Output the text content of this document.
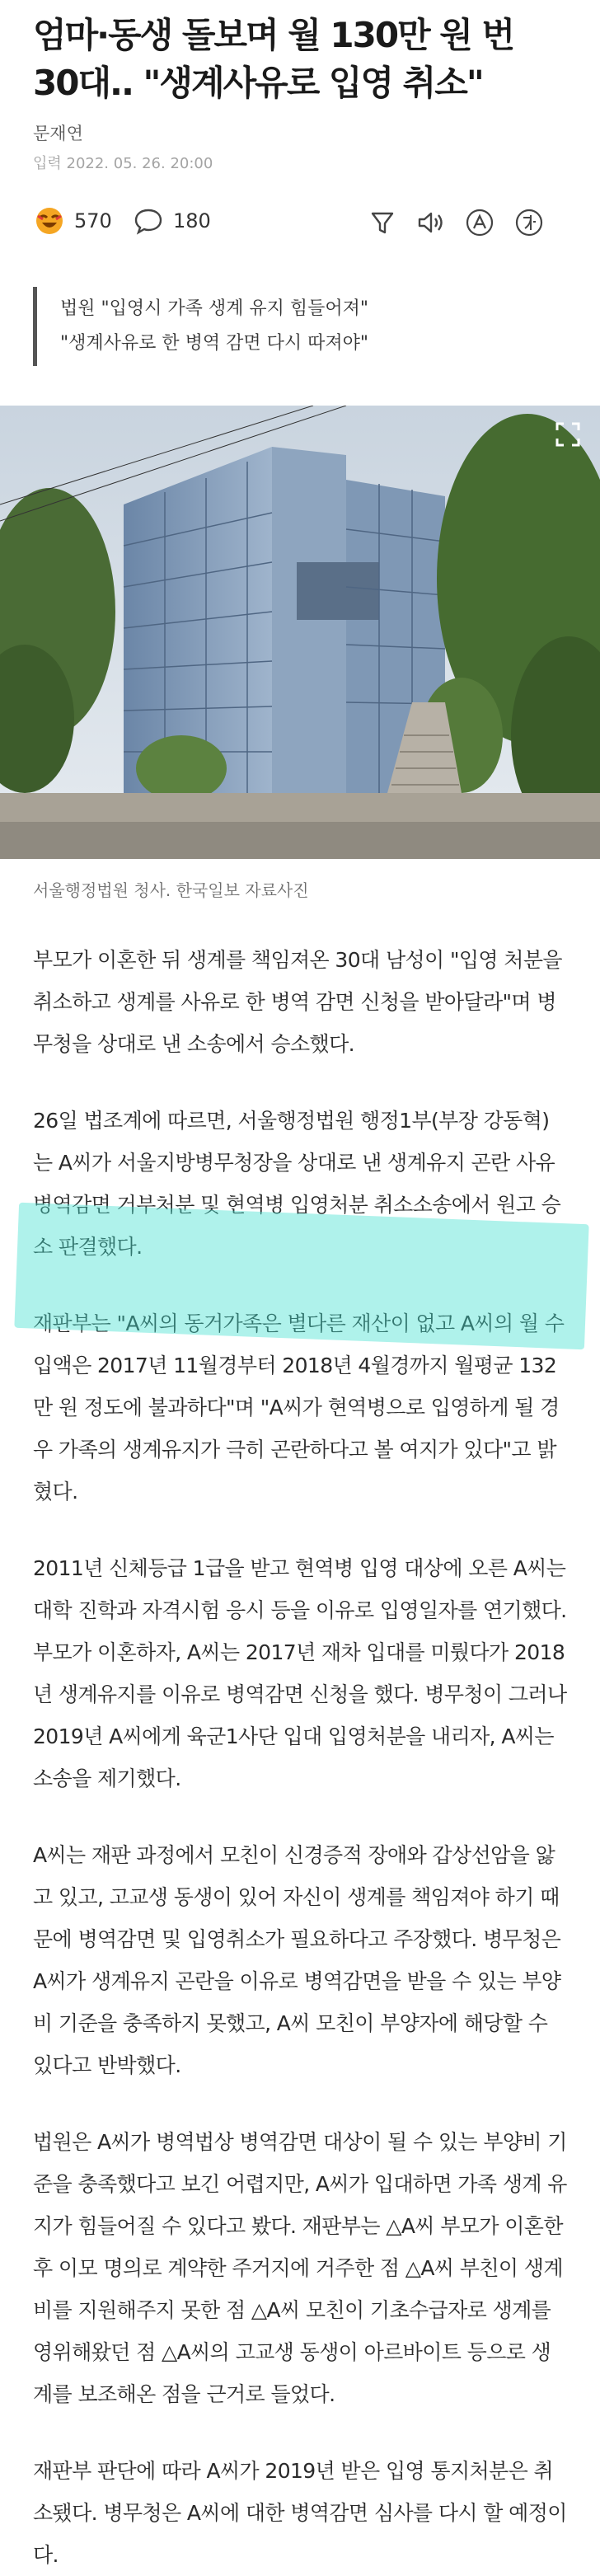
엄마·동생 돌보며 월 130만 원 번 30대.. "생계사유로 입영 취소"
문재연
입력 2022. 05. 26. 20:00
570	180
법원 "입영시 가족 생계 유지 힘들어져"
"생계사유로 한 병역 감면 다시 따져야"
서울행정법원 청사. 한국일보 자료사진

부모가 이혼한 뒤 생계를 책임져온 30대 남성이 "입영 처분을 취소하고 생계를 사유로 한 병역 감면 신청을 받아달라"며 병무청을 상대로 낸 소송에서 승소했다.

26일 법조계에 따르면, 서울행정법원 행정1부(부장 강동혁)는 A씨가 서울지방병무청장을 상대로 낸 생계유지 곤란 사유 병역감면 거부처분 및 현역병 입영처분 취소소송에서 원고 승소 판결했다.

재판부는 "A씨의 동거가족은 별다른 재산이 없고 A씨의 월 수입액은 2017년 11월경부터 2018년 4월경까지 월평균 132만 원 정도에 불과하다"며 "A씨가 현역병으로 입영하게 될 경우 가족의 생계유지가 극히 곤란하다고 볼 여지가 있다"고 밝혔다.

2011년 신체등급 1급을 받고 현역병 입영 대상에 오른 A씨는 대학 진학과 자격시험 응시 등을 이유로 입영일자를 연기했다. 부모가 이혼하자, A씨는 2017년 재차 입대를 미뤘다가 2018년 생계유지를 이유로 병역감면 신청을 했다. 병무청이 그러나 2019년 A씨에게 육군1사단 입대 입영처분을 내리자, A씨는 소송을 제기했다.

A씨는 재판 과정에서 모친이 신경증적 장애와 갑상선암을 앓고 있고, 고교생 동생이 있어 자신이 생계를 책임져야 하기 때문에 병역감면 및 입영취소가 필요하다고 주장했다. 병무청은 A씨가 생계유지 곤란을 이유로 병역감면을 받을 수 있는 부양비 기준을 충족하지 못했고, A씨 모친이 부양자에 해당할 수 있다고 반박했다.

법원은 A씨가 병역법상 병역감면 대상이 될 수 있는 부양비 기준을 충족했다고 보긴 어렵지만, A씨가 입대하면 가족 생계 유지가 힘들어질 수 있다고 봤다. 재판부는 △A씨 부모가 이혼한 후 이모 명의로 계약한 주거지에 거주한 점 △A씨 부친이 생계비를 지원해주지 못한 점 △A씨 모친이 기초수급자로 생계를 영위해왔던 점 △A씨의 고교생 동생이 아르바이트 등으로 생계를 보조해온 점을 근거로 들었다.

재판부 판단에 따라 A씨가 2019년 받은 입영 통지처분은 취소됐다. 병무청은 A씨에 대한 병역감면 심사를 다시 할 예정이다.
